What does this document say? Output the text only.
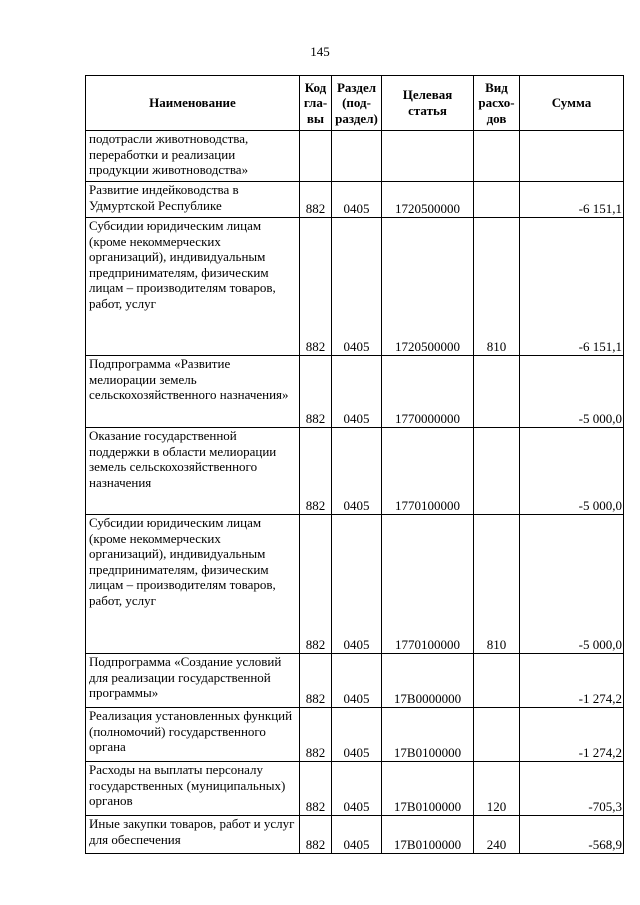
145
Наименование	Код гла-вы	Раздел (под-раздел)	Целевая статья	Вид расхо-дов	Сумма
подотрасли животноводства, переработки и реализации продукции животноводства»					
Развитие индейководства в Удмуртской Республике	882	0405	1720500000		-6 151,1
Субсидии юридическим лицам (кроме некоммерческих организаций), индивидуальным предпринимателям, физическим лицам – производителям товаров, работ, услуг	882	0405	1720500000	810	-6 151,1
Подпрограмма «Развитие мелиорации земель сельскохозяйственного назначения»	882	0405	1770000000		-5 000,0
Оказание государственной поддержки в области мелиорации земель сельскохозяйственного назначения	882	0405	1770100000		-5 000,0
Субсидии юридическим лицам (кроме некоммерческих организаций), индивидуальным предпринимателям, физическим лицам – производителям товаров, работ, услуг	882	0405	1770100000	810	-5 000,0
Подпрограмма «Создание условий для реализации государственной программы»	882	0405	17B0000000		-1 274,2
Реализация установленных функций (полномочий) государственного органа	882	0405	17B0100000		-1 274,2
Расходы на выплаты персоналу государственных (муниципальных) органов	882	0405	17B0100000	120	-705,3
Иные закупки товаров, работ и услуг для обеспечения	882	0405	17B0100000	240	-568,9
